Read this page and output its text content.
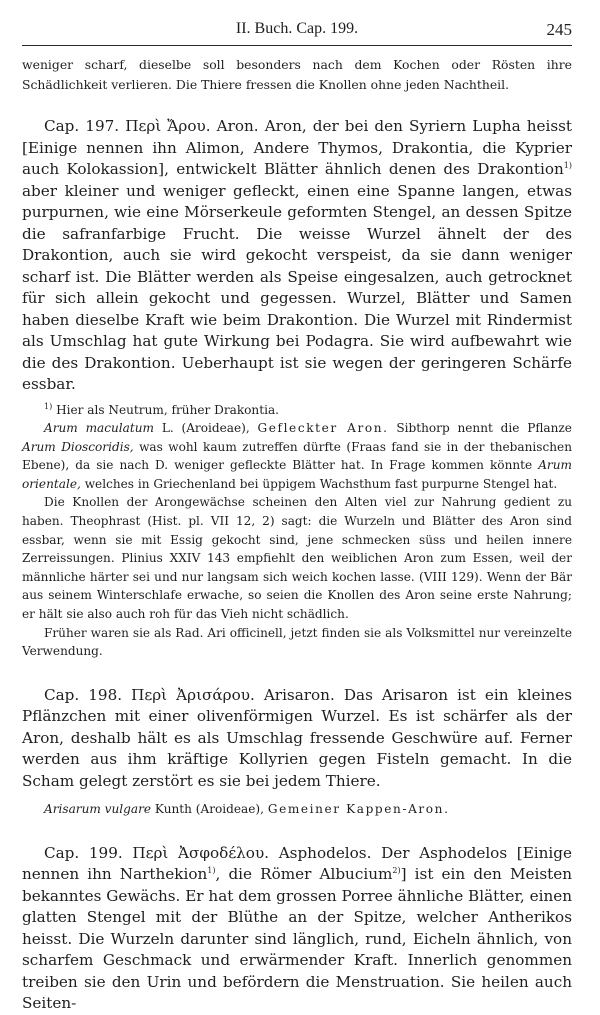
II. Buch. Cap. 199.	245

weniger scharf, dieselbe soll besonders nach dem Kochen oder Rösten ihre Schädlichkeit verlieren. Die Thiere fressen die Knollen ohne jeden Nachtheil.

Cap. 197. Περὶ Ἄρου. Aron. Aron, der bei den Syriern Lupha heisst [Einige nennen ihn Alimon, Andere Thymos, Drakontia, die Kyprier auch Kolokassion], entwickelt Blätter ähnlich denen des Drakontion$^{1)}$ aber kleiner und weniger gefleckt, einen eine Spanne langen, etwas purpurnen, wie eine Mörserkeule geformten Stengel, an dessen Spitze die safranfarbige Frucht. Die weisse Wurzel ähnelt der des Drakontion, auch sie wird gekocht verspeist, da sie dann weniger scharf ist. Die Blätter werden als Speise eingesalzen, auch getrocknet für sich allein gekocht und gegessen. Wurzel, Blätter und Samen haben dieselbe Kraft wie beim Drakontion. Die Wurzel mit Rindermist als Umschlag hat gute Wirkung bei Podagra. Sie wird aufbewahrt wie die des Drakontion. Ueberhaupt ist sie wegen der geringeren Schärfe essbar.

$^{1)}$ Hier als Neutrum, früher Drakontia.

Arum maculatum L. (Aroideae), Gefleckter Aron. Sibthorp nennt die Pflanze Arum Dioscoridis, was wohl kaum zutreffen dürfte (Fraas fand sie in der thebanischen Ebene), da sie nach D. weniger gefleckte Blätter hat. In Frage kommen könnte Arum orientale, welches in Griechenland bei üppigem Wachsthum fast purpurne Stengel hat.

Die Knollen der Arongewächse scheinen den Alten viel zur Nahrung gedient zu haben. Theophrast (Hist. pl. VII 12, 2) sagt: die Wurzeln und Blätter des Aron sind essbar, wenn sie mit Essig gekocht sind, jene schmecken süss und heilen innere Zerreissungen. Plinius XXIV 143 empfiehlt den weiblichen Aron zum Essen, weil der männliche härter sei und nur langsam sich weich kochen lasse. (VIII 129). Wenn der Bär aus seinem Winterschlafe erwache, so seien die Knollen des Aron seine erste Nahrung; er hält sie also auch roh für das Vieh nicht schädlich.

Früher waren sie als Rad. Ari officinell, jetzt finden sie als Volksmittel nur vereinzelte Verwendung.

Cap. 198. Περὶ Ἀρισάρου. Arisaron. Das Arisaron ist ein kleines Pflänzchen mit einer olivenförmigen Wurzel. Es ist schärfer als der Aron, deshalb hält es als Umschlag fressende Geschwüre auf. Ferner werden aus ihm kräftige Kollyrien gegen Fisteln gemacht. In die Scham gelegt zerstört es sie bei jedem Thiere.

Arisarum vulgare Kunth (Aroideae), Gemeiner Kappen-Aron.

Cap. 199. Περὶ Ἀσφοδέλου. Asphodelos. Der Asphodelos [Einige nennen ihn Narthekion$^{1)}$, die Römer Albucium$^{2)}$] ist ein den Meisten bekanntes Gewächs. Er hat dem grossen Porree ähnliche Blätter, einen glatten Stengel mit der Blüthe an der Spitze, welcher Antherikos heisst. Die Wurzeln darunter sind länglich, rund, Eicheln ähnlich, von scharfem Geschmack und erwärmender Kraft. Innerlich genommen treiben sie den Urin und befördern die Menstruation. Sie heilen auch Seiten-
